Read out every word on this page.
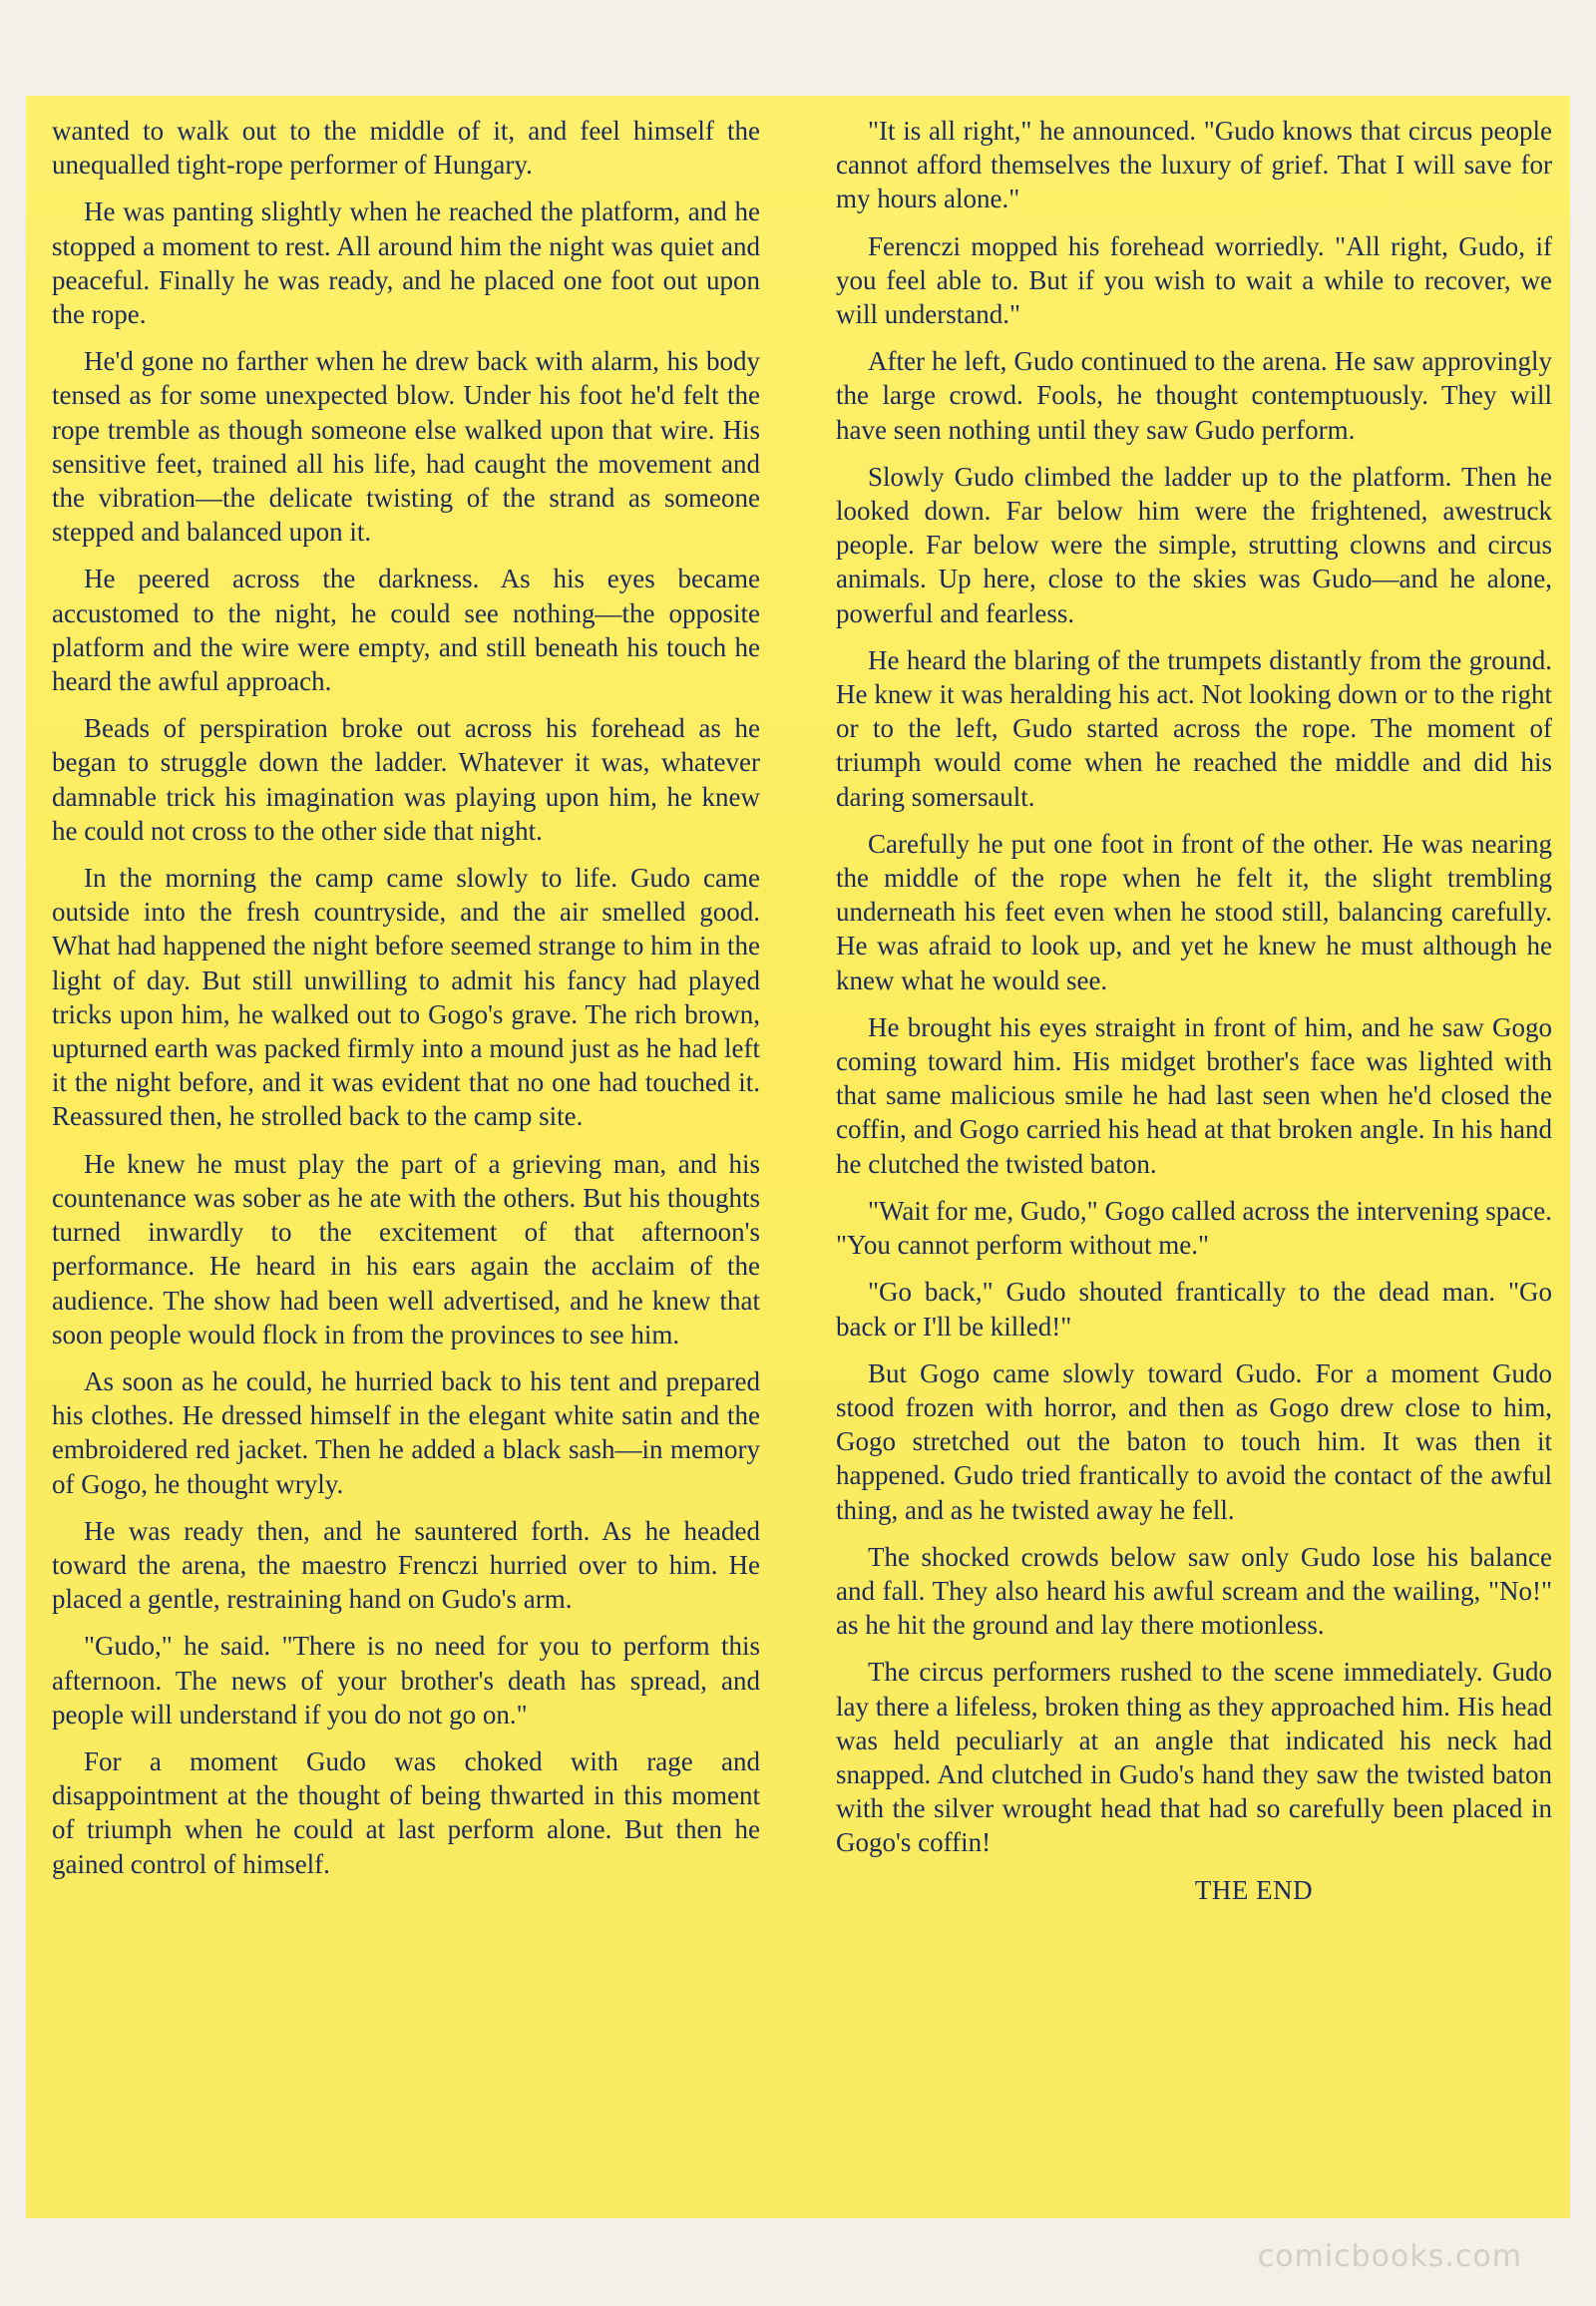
wanted to walk out to the middle of it, and feel himself the unequalled tight-rope performer of Hungary.

He was panting slightly when he reached the platform, and he stopped a moment to rest. All around him the night was quiet and peaceful. Finally he was ready, and he placed one foot out upon the rope.

He'd gone no farther when he drew back with alarm, his body tensed as for some unexpected blow. Under his foot he'd felt the rope tremble as though someone else walked upon that wire. His sensitive feet, trained all his life, had caught the movement and the vibration—the delicate twisting of the strand as someone stepped and balanced upon it.

He peered across the darkness. As his eyes became accustomed to the night, he could see nothing—the opposite platform and the wire were empty, and still beneath his touch he heard the awful approach.

Beads of perspiration broke out across his forehead as he began to struggle down the ladder. Whatever it was, whatever damnable trick his imagination was playing upon him, he knew he could not cross to the other side that night.

In the morning the camp came slowly to life. Gudo came outside into the fresh countryside, and the air smelled good. What had happened the night before seemed strange to him in the light of day. But still unwilling to admit his fancy had played tricks upon him, he walked out to Gogo's grave. The rich brown, upturned earth was packed firmly into a mound just as he had left it the night before, and it was evident that no one had touched it. Reassured then, he strolled back to the camp site.

He knew he must play the part of a grieving man, and his countenance was sober as he ate with the others. But his thoughts turned inwardly to the excitement of that afternoon's performance. He heard in his ears again the acclaim of the audience. The show had been well advertised, and he knew that soon people would flock in from the provinces to see him.

As soon as he could, he hurried back to his tent and prepared his clothes. He dressed himself in the elegant white satin and the embroidered red jacket. Then he added a black sash—in memory of Gogo, he thought wryly.

He was ready then, and he sauntered forth. As he headed toward the arena, the maestro Frenczi hurried over to him. He placed a gentle, restraining hand on Gudo's arm.

"Gudo," he said. "There is no need for you to perform this afternoon. The news of your brother's death has spread, and people will understand if you do not go on."

For a moment Gudo was choked with rage and disappointment at the thought of being thwarted in this moment of triumph when he could at last perform alone. But then he gained control of himself.

"It is all right," he announced. "Gudo knows that circus people cannot afford themselves the luxury of grief. That I will save for my hours alone."

Ferenczi mopped his forehead worriedly. "All right, Gudo, if you feel able to. But if you wish to wait a while to recover, we will understand."

After he left, Gudo continued to the arena. He saw approvingly the large crowd. Fools, he thought contemptuously. They will have seen nothing until they saw Gudo perform.

Slowly Gudo climbed the ladder up to the platform. Then he looked down. Far below him were the frightened, awestruck people. Far below were the simple, strutting clowns and circus animals. Up here, close to the skies was Gudo—and he alone, powerful and fearless.

He heard the blaring of the trumpets distantly from the ground. He knew it was heralding his act. Not looking down or to the right or to the left, Gudo started across the rope. The moment of triumph would come when he reached the middle and did his daring somersault.

Carefully he put one foot in front of the other. He was nearing the middle of the rope when he felt it, the slight trembling underneath his feet even when he stood still, balancing carefully. He was afraid to look up, and yet he knew he must although he knew what he would see.

He brought his eyes straight in front of him, and he saw Gogo coming toward him. His midget brother's face was lighted with that same malicious smile he had last seen when he'd closed the coffin, and Gogo carried his head at that broken angle. In his hand he clutched the twisted baton.

"Wait for me, Gudo," Gogo called across the intervening space. "You cannot perform without me."

"Go back," Gudo shouted frantically to the dead man. "Go back or I'll be killed!"

But Gogo came slowly toward Gudo. For a moment Gudo stood frozen with horror, and then as Gogo drew close to him, Gogo stretched out the baton to touch him. It was then it happened. Gudo tried frantically to avoid the contact of the awful thing, and as he twisted away he fell.

The shocked crowds below saw only Gudo lose his balance and fall. They also heard his awful scream and the wailing, "No!" as he hit the ground and lay there motionless.

The circus performers rushed to the scene immediately. Gudo lay there a lifeless, broken thing as they approached him. His head was held peculiarly at an angle that indicated his neck had snapped. And clutched in Gudo's hand they saw the twisted baton with the silver wrought head that had so carefully been placed in Gogo's coffin!

THE END

comicbooks.com
